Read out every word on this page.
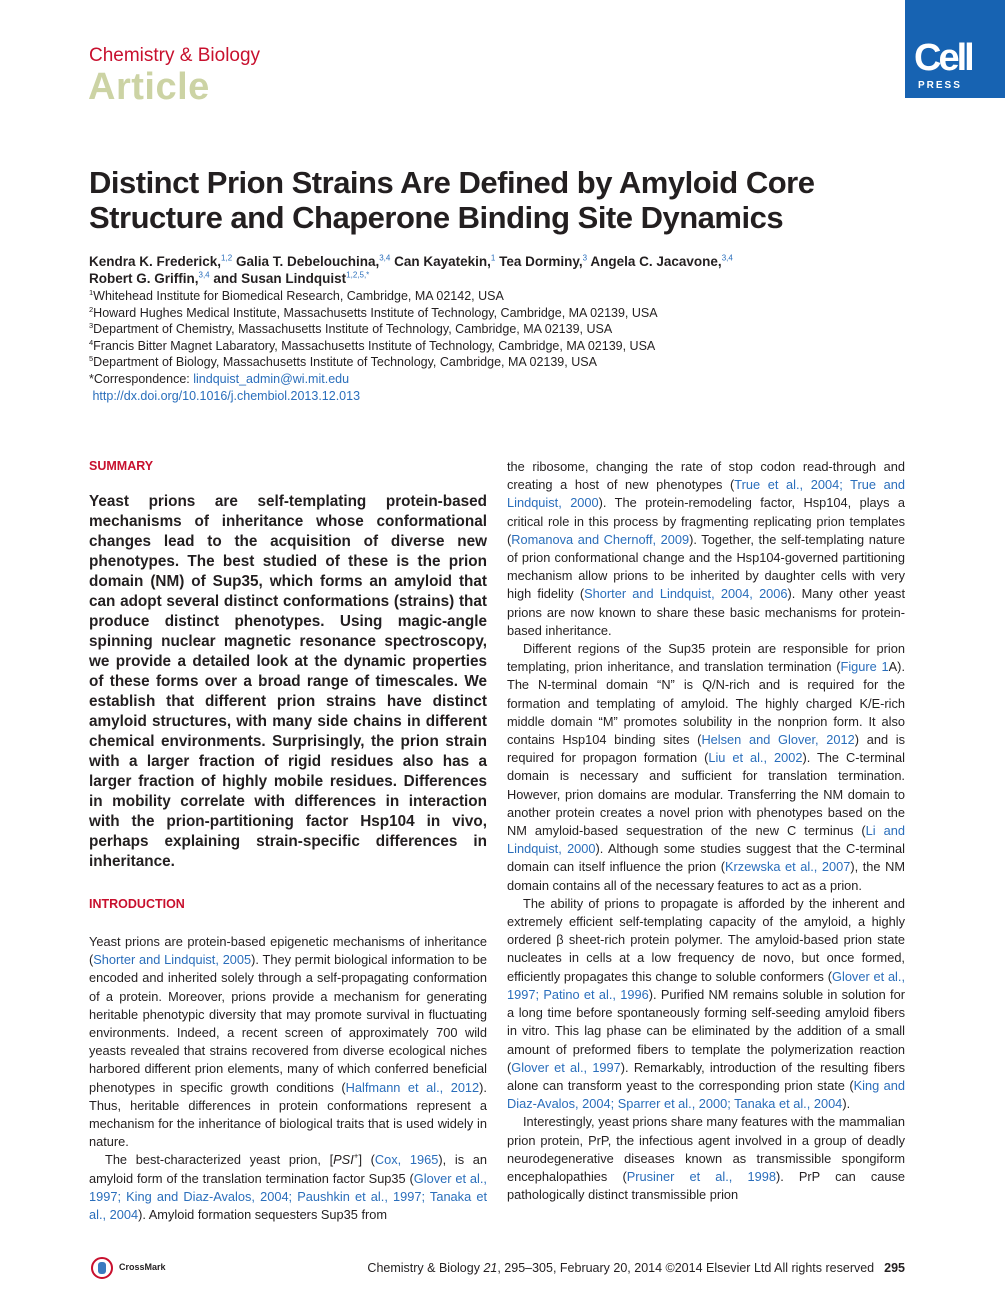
Chemistry & Biology
Article
Cell
PRESS
Distinct Prion Strains Are Defined by Amyloid Core Structure and Chaperone Binding Site Dynamics
Kendra K. Frederick,$^{1,2}$ Galia T. Debelouchina,$^{3,4}$ Can Kayatekin,$^1$ Tea Dorminy,$^3$ Angela C. Jacavone,$^{3,4}$
Robert G. Griffin,$^{3,4}$ and Susan Lindquist$^{1,2,5,*}$
$^1$Whitehead Institute for Biomedical Research, Cambridge, MA 02142, USA
$^2$Howard Hughes Medical Institute, Massachusetts Institute of Technology, Cambridge, MA 02139, USA
$^3$Department of Chemistry, Massachusetts Institute of Technology, Cambridge, MA 02139, USA
$^4$Francis Bitter Magnet Labaratory, Massachusetts Institute of Technology, Cambridge, MA 02139, USA
$^5$Department of Biology, Massachusetts Institute of Technology, Cambridge, MA 02139, USA
*Correspondence: lindquist_admin@wi.mit.edu
http://dx.doi.org/10.1016/j.chembiol.2013.12.013
SUMMARY
Yeast prions are self-templating protein-based mechanisms of inheritance whose conformational changes lead to the acquisition of diverse new phenotypes. The best studied of these is the prion domain (NM) of Sup35, which forms an amyloid that can adopt several distinct conformations (strains) that produce distinct phenotypes. Using magic-angle spinning nuclear magnetic resonance spectroscopy, we provide a detailed look at the dynamic properties of these forms over a broad range of timescales. We establish that different prion strains have distinct amyloid structures, with many side chains in different chemical environments. Surprisingly, the prion strain with a larger fraction of rigid residues also has a larger fraction of highly mobile residues. Differences in mobility correlate with differences in interaction with the prion-partitioning factor Hsp104 in vivo, perhaps explaining strain-specific differences in inheritance.
INTRODUCTION

Yeast prions are protein-based epigenetic mechanisms of inheritance (Shorter and Lindquist, 2005). They permit biological information to be encoded and inherited solely through a self-propagating conformation of a protein. Moreover, prions provide a mechanism for generating heritable phenotypic diversity that may promote survival in fluctuating environments. Indeed, a recent screen of approximately 700 wild yeasts revealed that strains recovered from diverse ecological niches harbored different prion elements, many of which conferred beneficial phenotypes in specific growth conditions (Halfmann et al., 2012). Thus, heritable differences in protein conformations represent a mechanism for the inheritance of biological traits that is used widely in nature.

The best-characterized yeast prion, [PSI+] (Cox, 1965), is an amyloid form of the translation termination factor Sup35 (Glover et al., 1997; King and Diaz-Avalos, 2004; Paushkin et al., 1997; Tanaka et al., 2004). Amyloid formation sequesters Sup35 from

the ribosome, changing the rate of stop codon read-through and creating a host of new phenotypes (True et al., 2004; True and Lindquist, 2000). The protein-remodeling factor, Hsp104, plays a critical role in this process by fragmenting replicating prion templates (Romanova and Chernoff, 2009). Together, the self-templating nature of prion conformational change and the Hsp104-governed partitioning mechanism allow prions to be inherited by daughter cells with very high fidelity (Shorter and Lindquist, 2004, 2006). Many other yeast prions are now known to share these basic mechanisms for protein-based inheritance.

Different regions of the Sup35 protein are responsible for prion templating, prion inheritance, and translation termination (Figure 1A). The N-terminal domain “N” is Q/N-rich and is required for the formation and templating of amyloid. The highly charged K/E-rich middle domain “M” promotes solubility in the nonprion form. It also contains Hsp104 binding sites (Helsen and Glover, 2012) and is required for propagon formation (Liu et al., 2002). The C-terminal domain is necessary and sufficient for translation termination. However, prion domains are modular. Transferring the NM domain to another protein creates a novel prion with phenotypes based on the NM amyloid-based sequestration of the new C terminus (Li and Lindquist, 2000). Although some studies suggest that the C-terminal domain can itself influence the prion (Krzewska et al., 2007), the NM domain contains all of the necessary features to act as a prion.

The ability of prions to propagate is afforded by the inherent and extremely efficient self-templating capacity of the amyloid, a highly ordered β sheet-rich protein polymer. The amyloid-based prion state nucleates in cells at a low frequency de novo, but once formed, efficiently propagates this change to soluble conformers (Glover et al., 1997; Patino et al., 1996). Purified NM remains soluble in solution for a long time before spontaneously forming self-seeding amyloid fibers in vitro. This lag phase can be eliminated by the addition of a small amount of preformed fibers to template the polymerization reaction (Glover et al., 1997). Remarkably, introduction of the resulting fibers alone can transform yeast to the corresponding prion state (King and Diaz-Avalos, 2004; Sparrer et al., 2000; Tanaka et al., 2004).

Interestingly, yeast prions share many features with the mammalian prion protein, PrP, the infectious agent involved in a group of deadly neurodegenerative diseases known as transmissible spongiform encephalopathies (Prusiner et al., 1998). PrP can cause pathologically distinct transmissible prion

CrossMark	Chemistry & Biology 21, 295–305, February 20, 2014 ©2014 Elsevier Ltd All rights reserved 295
